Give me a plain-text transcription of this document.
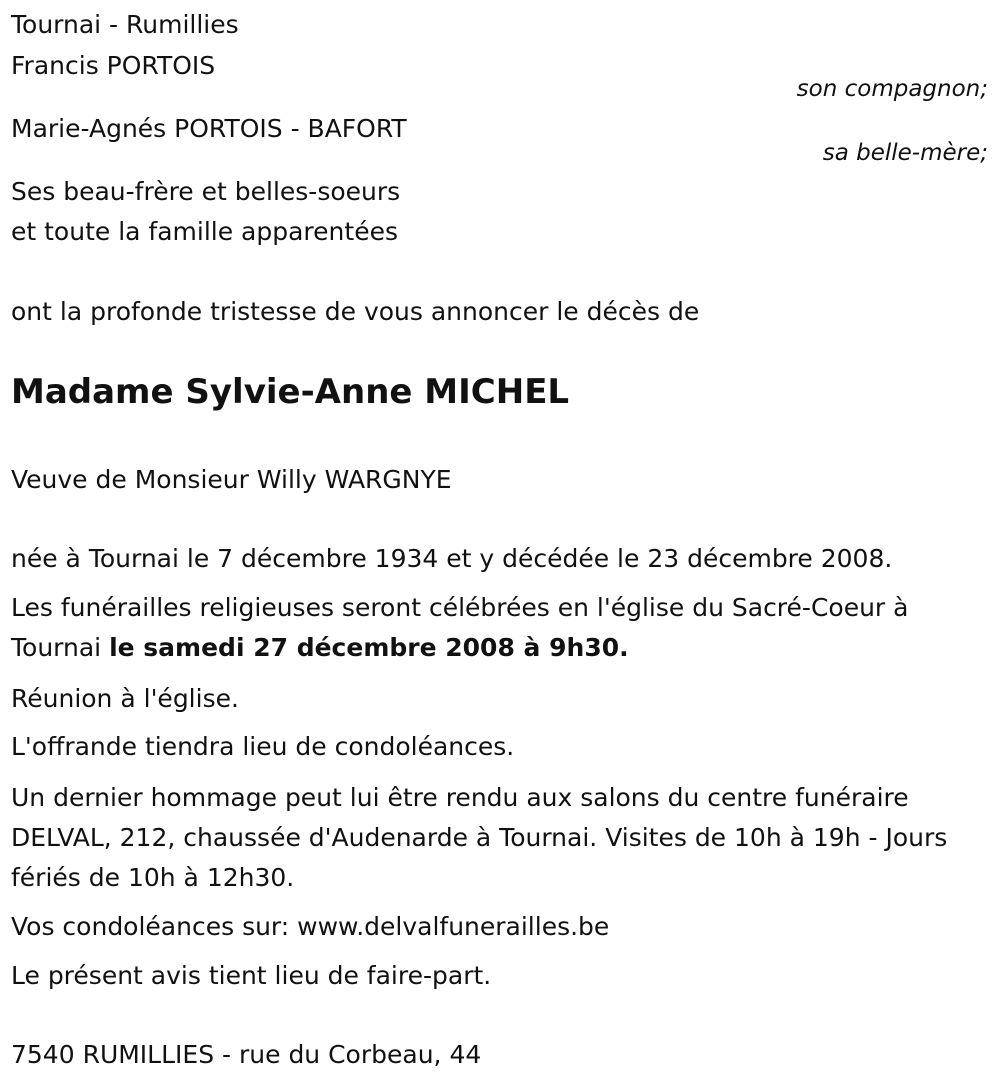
Tournai - Rumillies
Francis PORTOIS
son compagnon;
Marie-Agnés PORTOIS - BAFORT
sa belle-mère;
Ses beau-frère et belles-soeurs
et toute la famille apparentées
ont la profonde tristesse de vous annoncer le décès de
Madame Sylvie-Anne MICHEL
Veuve de Monsieur Willy WARGNYE
née à Tournai le 7 décembre 1934 et y décédée le 23 décembre 2008.
Les funérailles religieuses seront célébrées en l'église du Sacré-Coeur à Tournai le samedi 27 décembre 2008 à 9h30.
Réunion à l'église.
L'offrande tiendra lieu de condoléances.
Un dernier hommage peut lui être rendu aux salons du centre funéraire DELVAL, 212, chaussée d'Audenarde à Tournai. Visites de 10h à 19h - Jours fériés de 10h à 12h30.
Vos condoléances sur: www.delvalfunerailles.be
Le présent avis tient lieu de faire-part.
7540 RUMILLIES - rue du Corbeau, 44
